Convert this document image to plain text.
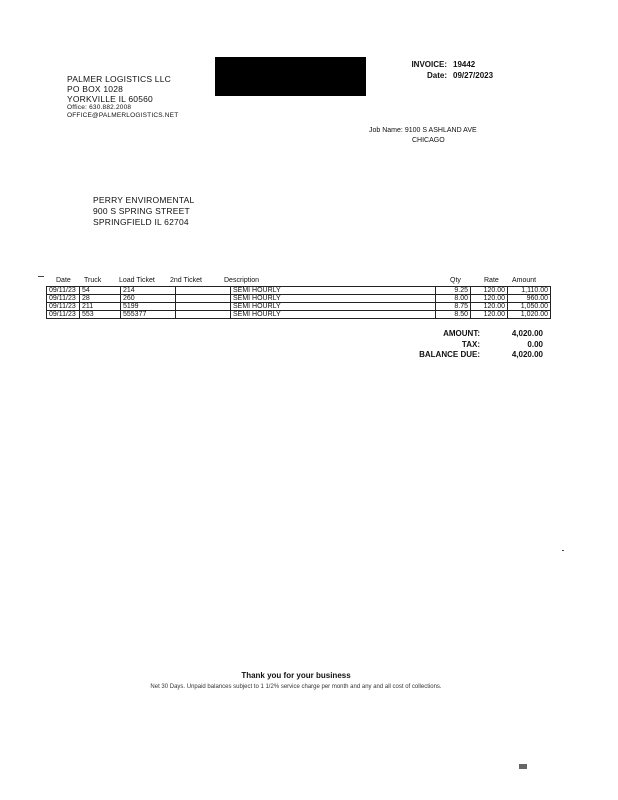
PALMER LOGISTICS LLC
PO BOX 1028
YORKVILLE IL 60560
Office: 630.882.2008
OFFICE@PALMERLOGISTICS.NET
INVOICE: 19442
Date: 09/27/2023
Job Name: 9100 S ASHLAND AVE
CHICAGO
PERRY ENVIROMENTAL
900 S SPRING STREET
SPRINGFIELD IL 62704
Date Truck	Load Ticket 2nd Ticket	Description	Qty	Rate Amount
09/11/23	54	214		SEMI HOURLY	9.25	120.00	1,110.00
09/11/23	28	260		SEMI HOURLY	8.00	120.00	960.00
09/11/23	211	5199		SEMI HOURLY	8.75	120.00	1,050.00
09/11/23	553	555377		SEMI HOURLY	8.50	120.00	1,020.00
AMOUNT:	4,020.00
TAX:	0.00
BALANCE DUE:	4,020.00
Thank you for your business
Net 30 Days. Unpaid balances subject to 1 1/2% service charge per month and any and all cost of collections.
